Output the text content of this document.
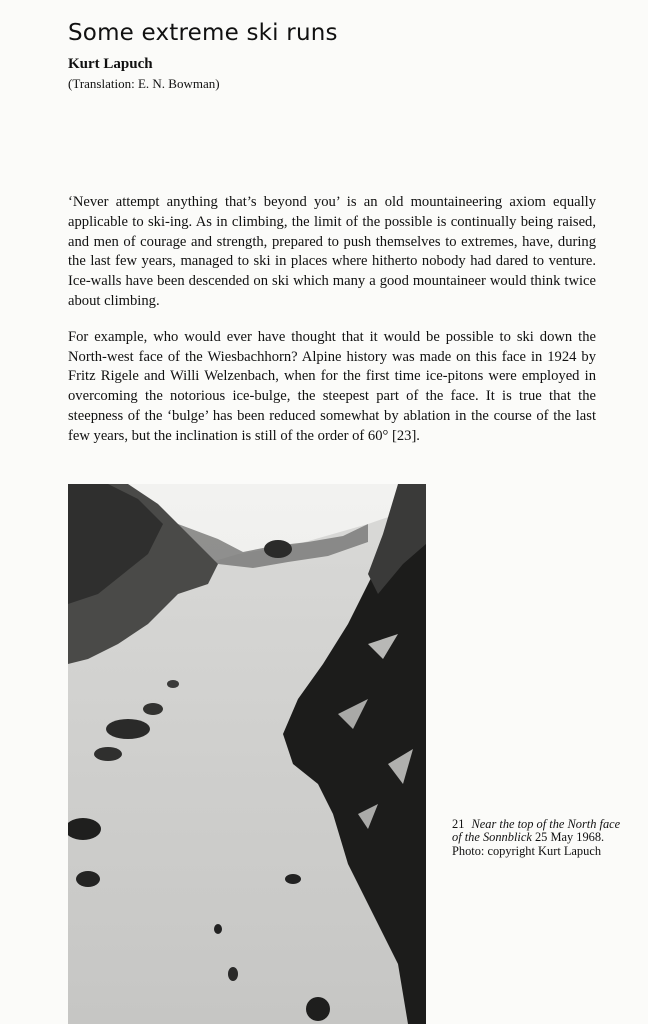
Some extreme ski runs
Kurt Lapuch
(Translation: E. N. Bowman)

‘Never attempt anything that’s beyond you’ is an old mountaineering axiom equally applicable to ski-ing. As in climbing, the limit of the possible is continually being raised, and men of courage and strength, prepared to push themselves to extremes, have, during the last few years, managed to ski in places where hitherto nobody had dared to venture. Ice-walls have been descended on ski which many a good mountaineer would think twice about climbing.

For example, who would ever have thought that it would be possible to ski down the North-west face of the Wiesbachhorn? Alpine history was made on this face in 1924 by Fritz Rigele and Willi Welzenbach, when for the first time ice-pitons were employed in overcoming the notorious ice-bulge, the steepest part of the face. It is true that the steepness of the ‘bulge’ has been reduced somewhat by ablation in the course of the last few years, but the inclination is still of the order of 60° [23].

21 Near the top of the North face of the Sonnblick 25 May 1968. Photo: copyright Kurt Lapuch
